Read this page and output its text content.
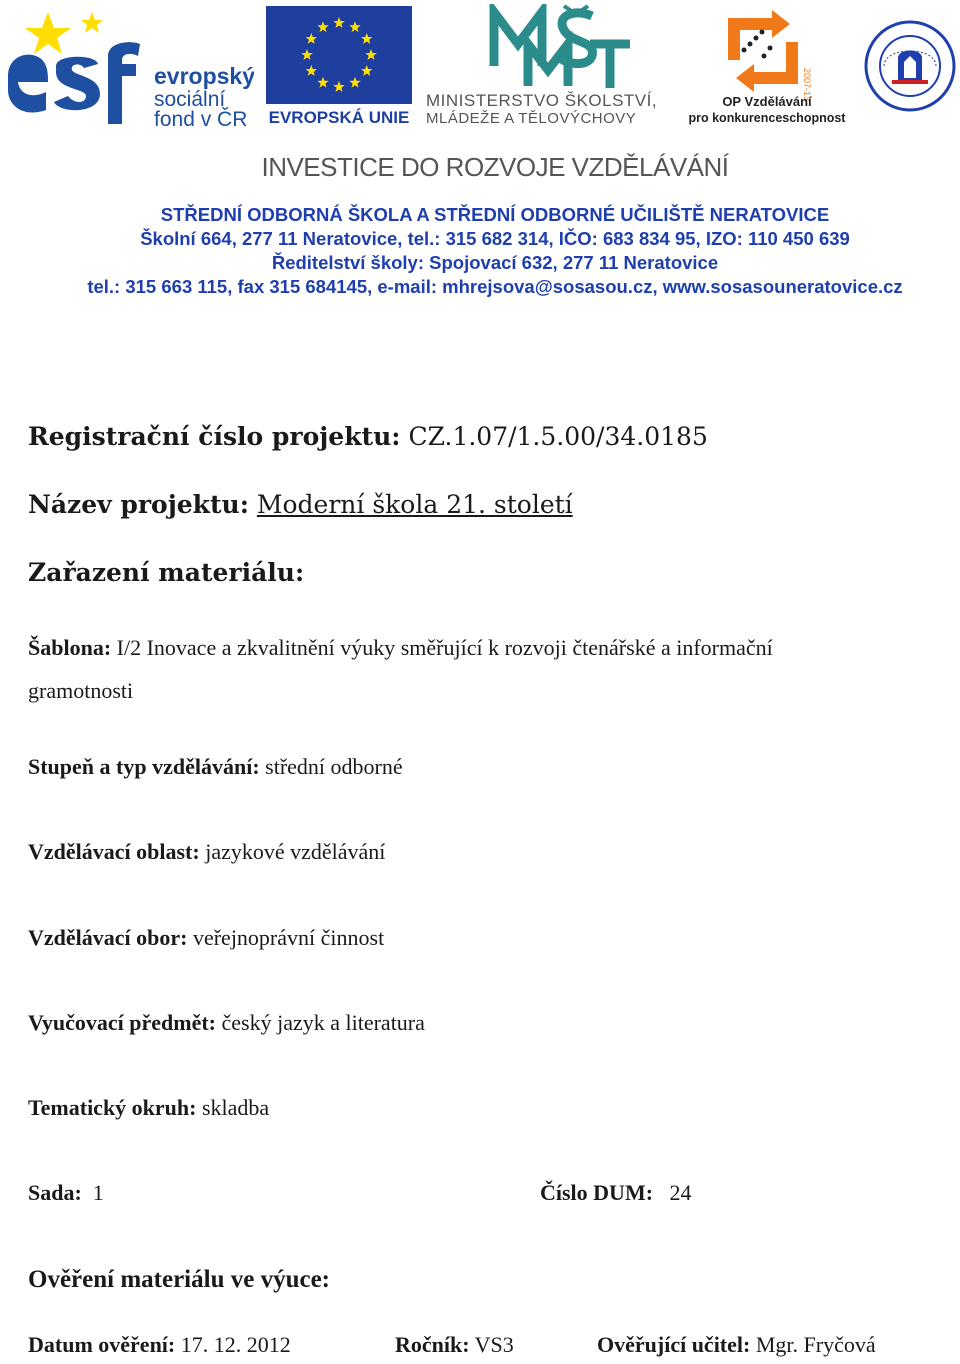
evropský
sociální
fond v ČR EVROPSKÁ UNIE
MINISTERSTVO ŠKOLSTVÍ,
MLÁDEŽE A TĚLOVÝCHOVY
2007-13
OP Vzdělávání
pro konkurenceschopnost
INVESTICE DO ROZVOJE VZDĚLÁVÁNÍ
STŘEDNÍ ODBORNÁ ŠKOLA A STŘEDNÍ ODBORNÉ UČILIŠTĚ NERATOVICE
Školní 664, 277 11 Neratovice, tel.: 315 682 314, IČO: 683 834 95, IZO: 110 450 639
Ředitelství školy: Spojovací 632, 277 11 Neratovice
tel.: 315 663 115, fax 315 684145, e-mail: mhrejsova@sosasou.cz, www.sosasouneratovice.cz
Registrační číslo projektu: CZ.1.07/1.5.00/34.0185
Název projektu: Moderní škola 21. století
Zařazení materiálu:
Šablona: I/2 Inovace a zkvalitnění výuky směřující k rozvoji čtenářské a informační
gramotnosti
Stupeň a typ vzdělávání: střední odborné
Vzdělávací oblast: jazykové vzdělávání
Vzdělávací obor: veřejnoprávní činnost
Vyučovací předmět: český jazyk a literatura
Tematický okruh: skladba
Sada: 1	Číslo DUM: 24
Ověření materiálu ve výuce:
Datum ověření: 17. 12. 2012	Ročník: VS3	Ověřující učitel: Mgr. Fryčová
